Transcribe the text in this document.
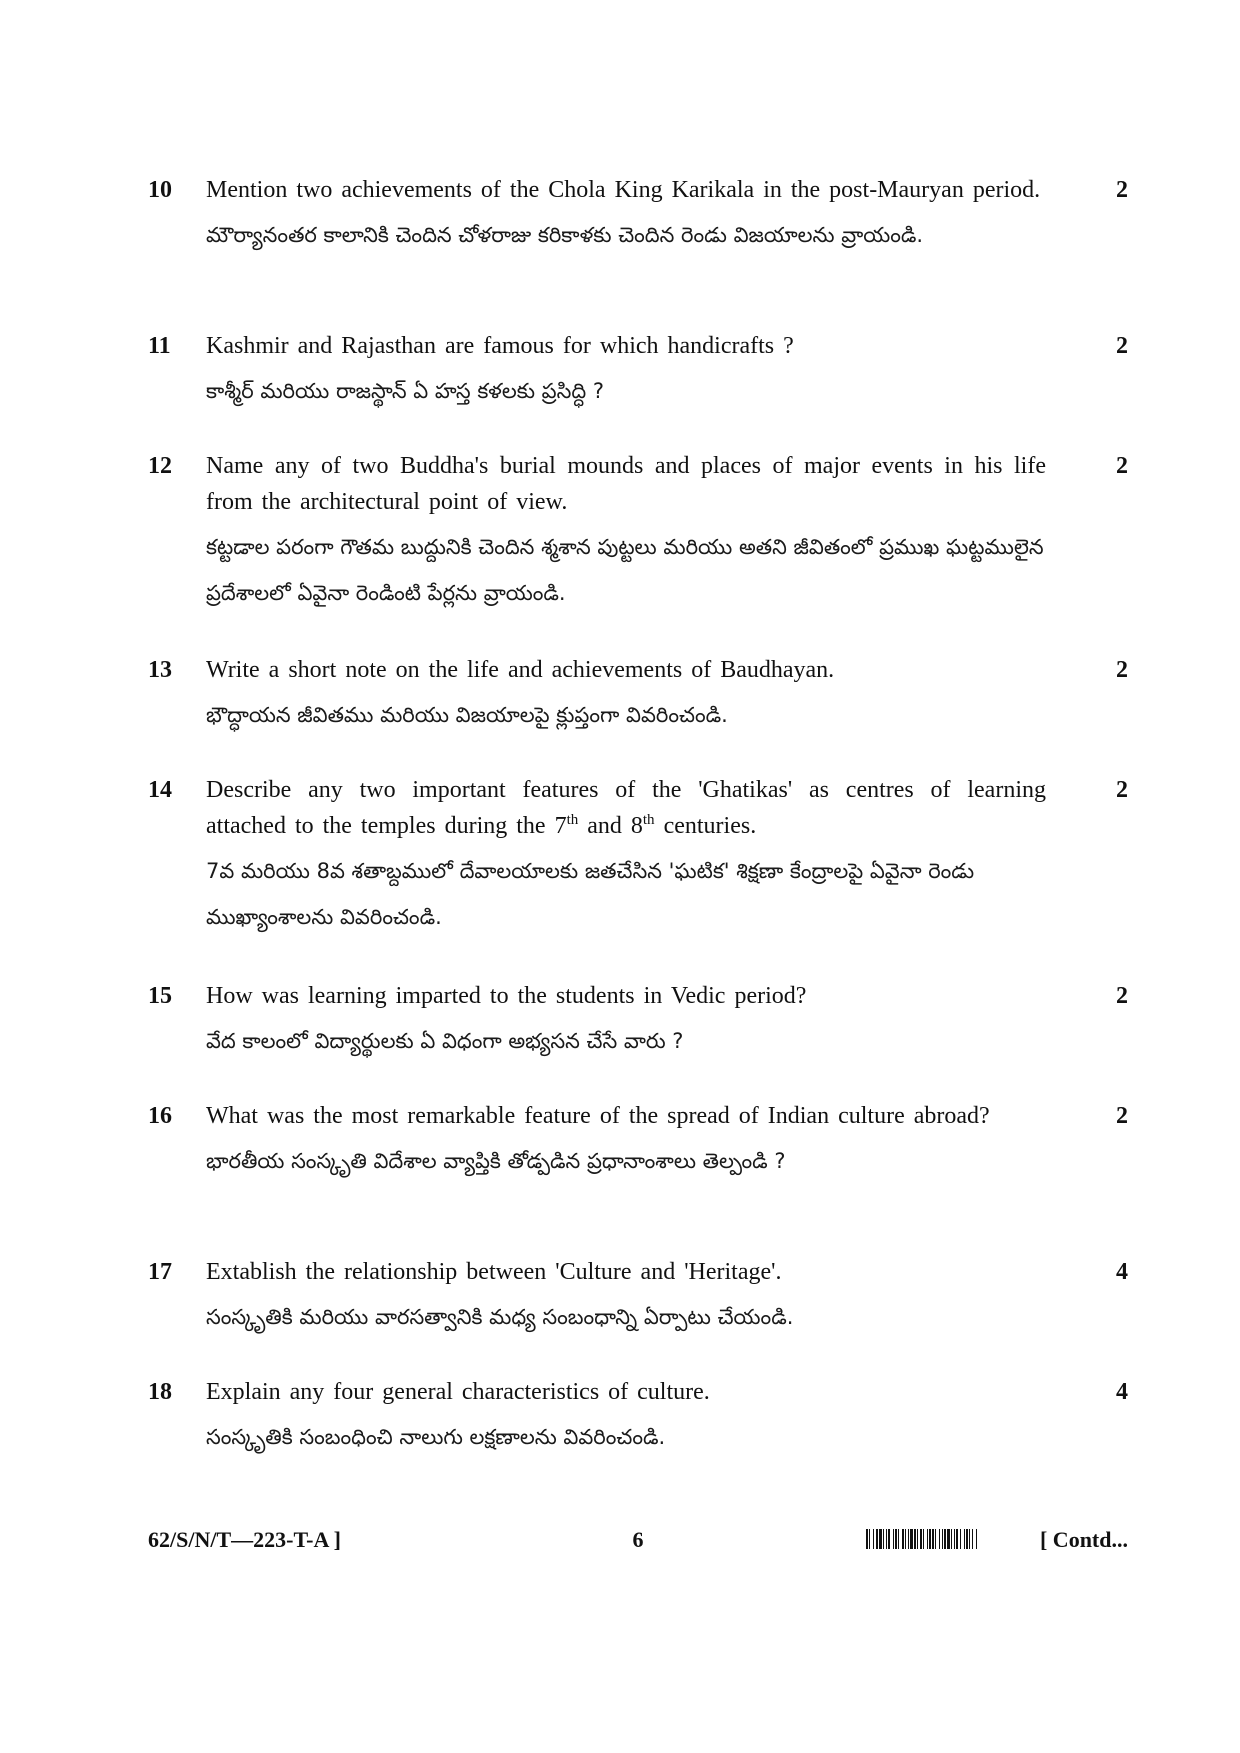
10	2
Mention two achievements of the Chola King Karikala in the post-Mauryan period.
మౌర్యానంతర కాలానికి చెందిన చోళరాజు కరికాళకు చెందిన రెండు విజయాలను వ్రాయండి.
11	2
Kashmir and Rajasthan are famous for which handicrafts ?
కాశ్మీర్ మరియు రాజస్థాన్ ఏ హస్త కళలకు ప్రసిద్ధి ?
12	2
Name any of two Buddha's burial mounds and places of major events in his life from the architectural point of view.
కట్టడాల పరంగా గౌతమ బుద్దునికి చెందిన శ్మశాన పుట్టలు మరియు అతని జీవితంలో ప్రముఖ ఘట్టములైన ప్రదేశాలలో ఏవైనా రెండింటి పేర్లను వ్రాయండి.
13	2
Write a short note on the life and achievements of Baudhayan.
భౌద్ధాయన జీవితము మరియు విజయాలపై క్లుప్తంగా వివరించండి.
14	2
Describe any two important features of the 'Ghatikas' as centres of learning attached to the temples during the 7th and 8th centuries.
7వ మరియు 8వ శతాబ్దములో దేవాలయాలకు జతచేసిన 'ఘటిక' శిక్షణా కేంద్రాలపై ఏవైనా రెండు ముఖ్యాంశాలను వివరించండి.
15	2
How was learning imparted to the students in Vedic period?
వేద కాలంలో విద్యార్థులకు ఏ విధంగా అభ్యసన చేసే వారు ?
16	2
What was the most remarkable feature of the spread of Indian culture abroad?
భారతీయ సంస్కృతి విదేశాల వ్యాప్తికి తోడ్పడిన ప్రధానాంశాలు తెల్పండి ?
17	4
Extablish the relationship between 'Culture and 'Heritage'.
సంస్కృతికి మరియు వారసత్వానికి మధ్య సంబంధాన్ని ఏర్పాటు చేయండి.
18	4
Explain any four general characteristics of culture.
సంస్కృతికి సంబంధించి నాలుగు లక్షణాలను వివరించండి.
62/S/N/T—223-T-A ]	6	[ Contd...
